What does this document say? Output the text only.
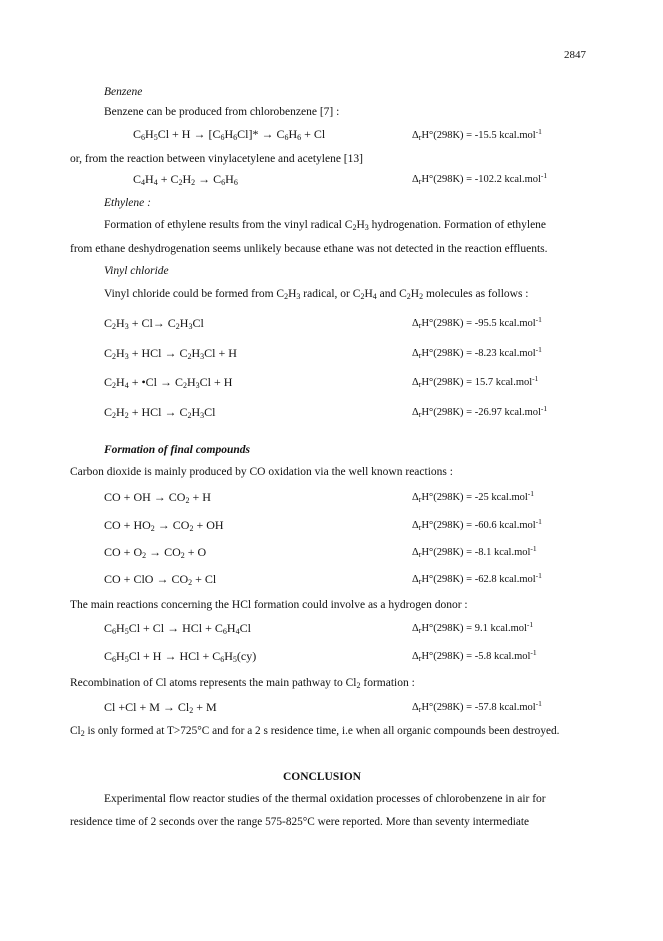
2847
Benzene
Benzene can be produced from chlorobenzene [7] :
$C_6H_5Cl + H \to [C_6H_6Cl]* \to C_6H_6 + Cl$	$\Delta_rH^\circ(298K) = -15.5$ kcal.mol$^{-1}$
or, from the reaction between vinylacetylene and acetylene [13]
$C_4H_4 + C_2H_2 \to C_6H_6$	$\Delta_rH^\circ(298K) = -102.2$ kcal.mol$^{-1}$
Ethylene :
Formation of ethylene results from the vinyl radical $C_2H_3$ hydrogenation. Formation of ethylene
from ethane deshydrogenation seems unlikely because ethane was not detected in the reaction effluents.
Vinyl chloride
Vinyl chloride could be formed from $C_2H_3$ radical, or $C_2H_4$ and $C_2H_2$ molecules as follows :
$C_2H_3 + Cl\to C_2H_3Cl$	$\Delta_rH^\circ(298K) = -95.5$ kcal.mol$^{-1}$
$C_2H_3$ + HCl → $C_2H_3Cl + H$	$\Delta_rH^\circ(298K) = -8.23$ kcal.mol$^{-1}$
$C_2H_4$ + •Cl → $C_2H_3Cl + H$	$\Delta_rH^\circ(298K) = 15.7$ kcal.mol$^{-1}$
$C_2H_2$ + HCl → $C_2H_3Cl$	$\Delta_rH^\circ(298K) = -26.97$ kcal.mol$^{-1}$
Formation of final compounds
Carbon dioxide is mainly produced by CO oxidation via the well known reactions :
CO + OH → $CO_2 + H$	$\Delta_rH^\circ(298K) = -25$ kcal.mol$^{-1}$
CO + $HO_2 \to CO_2$ + OH	$\Delta_rH^\circ(298K) = -60.6$ kcal.mol$^{-1}$
CO + $O_2 \to CO_2 + O$	$\Delta_rH^\circ(298K) = -8.1$ kcal.mol$^{-1}$
CO + ClO → $CO_2 + Cl$	$\Delta_rH^\circ(298K) = -62.8$ kcal.mol$^{-1}$
The main reactions concerning the HCl formation could involve as a hydrogen donor :
$C_6H_5Cl + Cl$ → HCl + $C_6H_4Cl$	$\Delta_rH^\circ(298K) = 9.1$ kcal.mol$^{-1}$
$C_6H_5Cl + H$ → HCl + $C_6H_5(cy)$	$\Delta_rH^\circ(298K) = -5.8$ kcal.mol$^{-1}$
Recombination of Cl atoms represents the main pathway to $Cl_2$ formation :
$Cl +Cl + M \to Cl_2 + M$	$\Delta_rH^\circ(298K) = -57.8$ kcal.mol$^{-1}$
$Cl_2$ is only formed at T>725°C and for a 2 s residence time, i.e when all organic compounds been destroyed.
CONCLUSION
Experimental flow reactor studies of the thermal oxidation processes of chlorobenzene in air for
residence time of 2 seconds over the range 575-825°C were reported. More than seventy intermediate
